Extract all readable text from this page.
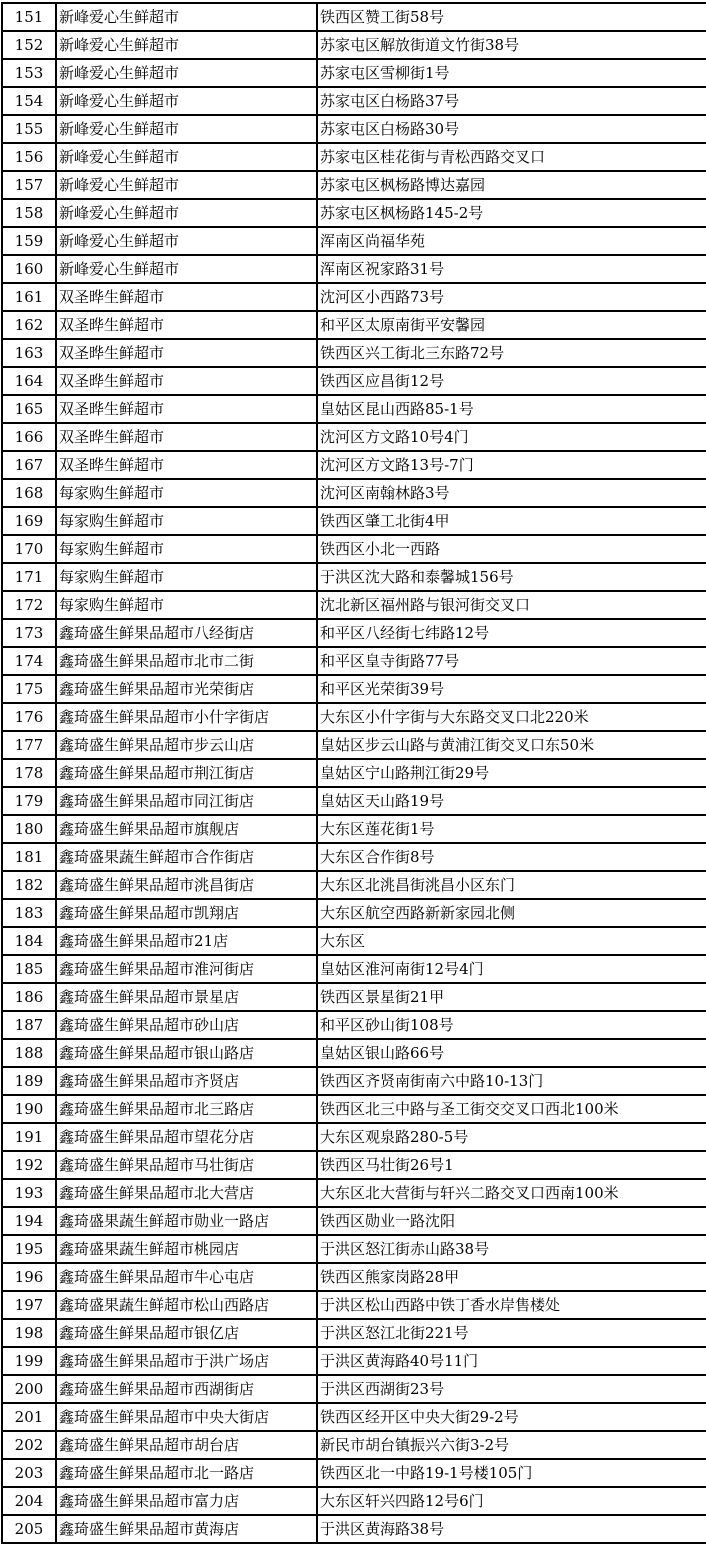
151	新峰爱心生鲜超市	铁西区赞工街58号
152	新峰爱心生鲜超市	苏家屯区解放街道文竹街38号
153	新峰爱心生鲜超市	苏家屯区雪柳街1号
154	新峰爱心生鲜超市	苏家屯区白杨路37号
155	新峰爱心生鲜超市	苏家屯区白杨路30号
156	新峰爱心生鲜超市	苏家屯区桂花街与青松西路交叉口
157	新峰爱心生鲜超市	苏家屯区枫杨路博达嘉园
158	新峰爱心生鲜超市	苏家屯区枫杨路145-2号
159	新峰爱心生鲜超市	浑南区尚福华苑
160	新峰爱心生鲜超市	浑南区祝家路31号
161	双圣晔生鲜超市	沈河区小西路73号
162	双圣晔生鲜超市	和平区太原南街平安馨园
163	双圣晔生鲜超市	铁西区兴工街北三东路72号
164	双圣晔生鲜超市	铁西区应昌街12号
165	双圣晔生鲜超市	皇姑区昆山西路85-1号
166	双圣晔生鲜超市	沈河区方文路10号4门
167	双圣晔生鲜超市	沈河区方文路13号-7门
168	每家购生鲜超市	沈河区南翰林路3号
169	每家购生鲜超市	铁西区肇工北街4甲
170	每家购生鲜超市	铁西区小北一西路
171	每家购生鲜超市	于洪区沈大路和泰馨城156号
172	每家购生鲜超市	沈北新区福州路与银河街交叉口
173	鑫琦盛生鲜果品超市八经街店	和平区八经街七纬路12号
174	鑫琦盛生鲜果品超市北市二街	和平区皇寺街路77号
175	鑫琦盛生鲜果品超市光荣街店	和平区光荣街39号
176	鑫琦盛生鲜果品超市小什字街店	大东区小什字街与大东路交叉口北220米
177	鑫琦盛生鲜果品超市步云山店	皇姑区步云山路与黄浦江街交叉口东50米
178	鑫琦盛生鲜果品超市荆江街店	皇姑区宁山路荆江街29号
179	鑫琦盛生鲜果品超市同江街店	皇姑区天山路19号
180	鑫琦盛生鲜果品超市旗舰店	大东区莲花街1号
181	鑫琦盛果蔬生鲜超市合作街店	大东区合作街8号
182	鑫琦盛生鲜果品超市洮昌街店	大东区北洮昌街洮昌小区东门
183	鑫琦盛生鲜果品超市凯翔店	大东区航空西路新新家园北侧
184	鑫琦盛生鲜果品超市21店	大东区
185	鑫琦盛生鲜果品超市淮河街店	皇姑区淮河南街12号4门
186	鑫琦盛生鲜果品超市景星店	铁西区景星街21甲
187	鑫琦盛生鲜果品超市砂山店	和平区砂山街108号
188	鑫琦盛生鲜果品超市银山路店	皇姑区银山路66号
189	鑫琦盛生鲜果品超市齐贤店	铁西区齐贤南街南六中路10-13门
190	鑫琦盛生鲜果品超市北三路店	铁西区北三中路与圣工街交交叉口西北100米
191	鑫琦盛生鲜果品超市望花分店	大东区观泉路280-5号
192	鑫琦盛生鲜果品超市马壮街店	铁西区马壮街26号1
193	鑫琦盛生鲜果品超市北大营店	大东区北大营街与轩兴二路交叉口西南100米
194	鑫琦盛果蔬生鲜超市勋业一路店	铁西区勋业一路沈阳
195	鑫琦盛果蔬生鲜超市桃园店	于洪区怒江街赤山路38号
196	鑫琦盛生鲜果品超市牛心屯店	铁西区熊家岗路28甲
197	鑫琦盛果蔬生鲜超市松山西路店	于洪区松山西路中铁丁香水岸售楼处
198	鑫琦盛生鲜果品超市银亿店	于洪区怒江北街221号
199	鑫琦盛生鲜果品超市于洪广场店	于洪区黄海路40号11门
200	鑫琦盛生鲜果品超市西湖街店	于洪区西湖街23号
201	鑫琦盛生鲜果品超市中央大街店	铁西区经开区中央大街29-2号
202	鑫琦盛生鲜果品超市胡台店	新民市胡台镇振兴六街3-2号
203	鑫琦盛生鲜果品超市北一路店	铁西区北一中路19-1号楼105门
204	鑫琦盛生鲜果品超市富力店	大东区轩兴四路12号6门
205	鑫琦盛生鲜果品超市黄海店	于洪区黄海路38号
